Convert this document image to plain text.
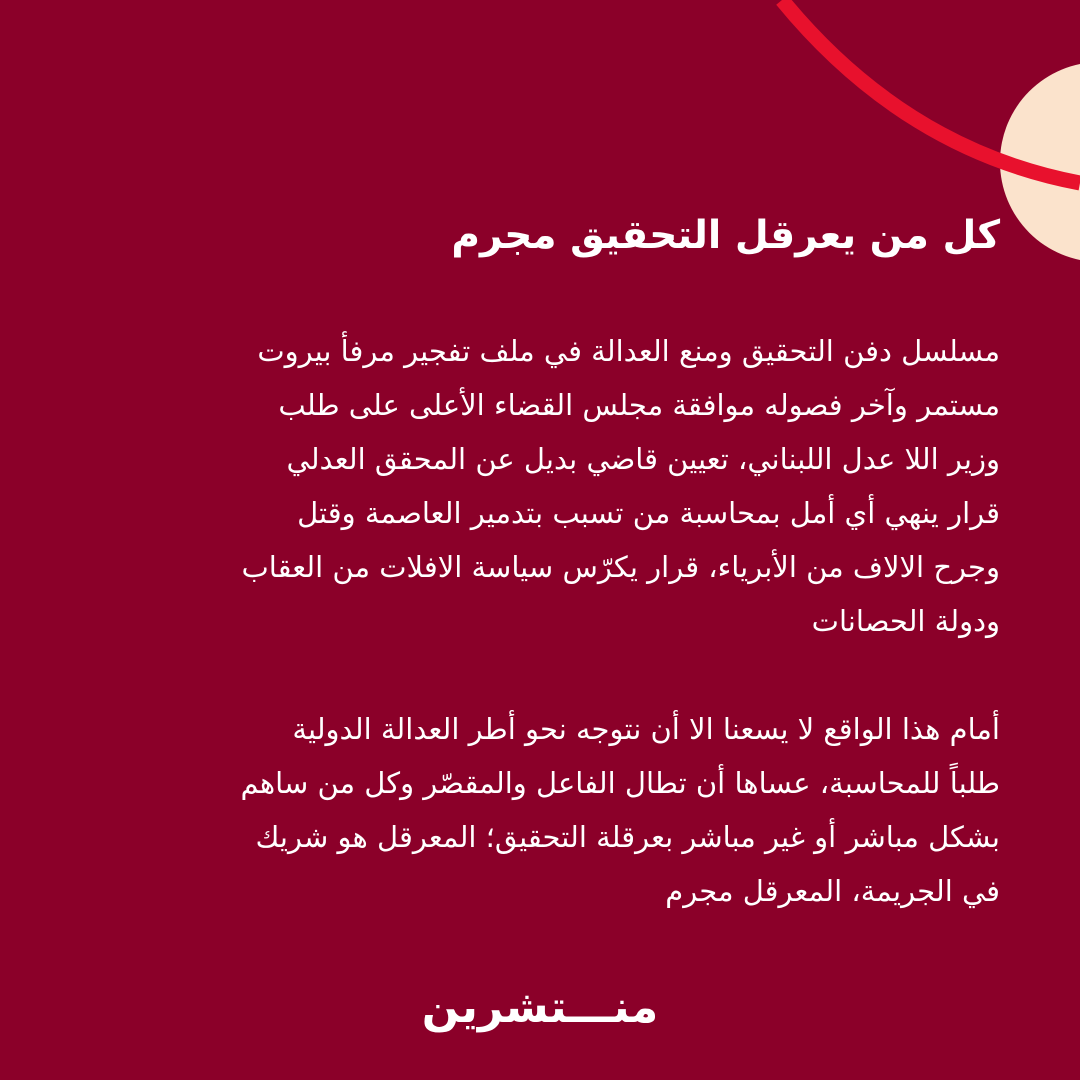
كل من يعرقل التحقيق مجرم

مسلسل دفن التحقيق ومنع العدالة في ملف تفجير مرفأ بيروت

مستمر وآخر فصوله موافقة مجلس القضاء الأعلى على طلب

وزير اللا عدل اللبناني، تعيين قاضي بديل عن المحقق العدلي

قرار ينهي أي أمل بمحاسبة من تسبب بتدمير العاصمة وقتل

وجرح الالاف من الأبرياء، قرار يكرّس سياسة الافلات من العقاب

ودولة الحصانات

أمام هذا الواقع لا يسعنا الا أن نتوجه نحو أطر العدالة الدولية

طلباً للمحاسبة، عساها أن تطال الفاعل والمقصّر وكل من ساهم

بشكل مباشر أو غير مباشر بعرقلة التحقيق؛ المعرقل هو شريك

في الجريمة، المعرقل مجرم

منـــتشرين
